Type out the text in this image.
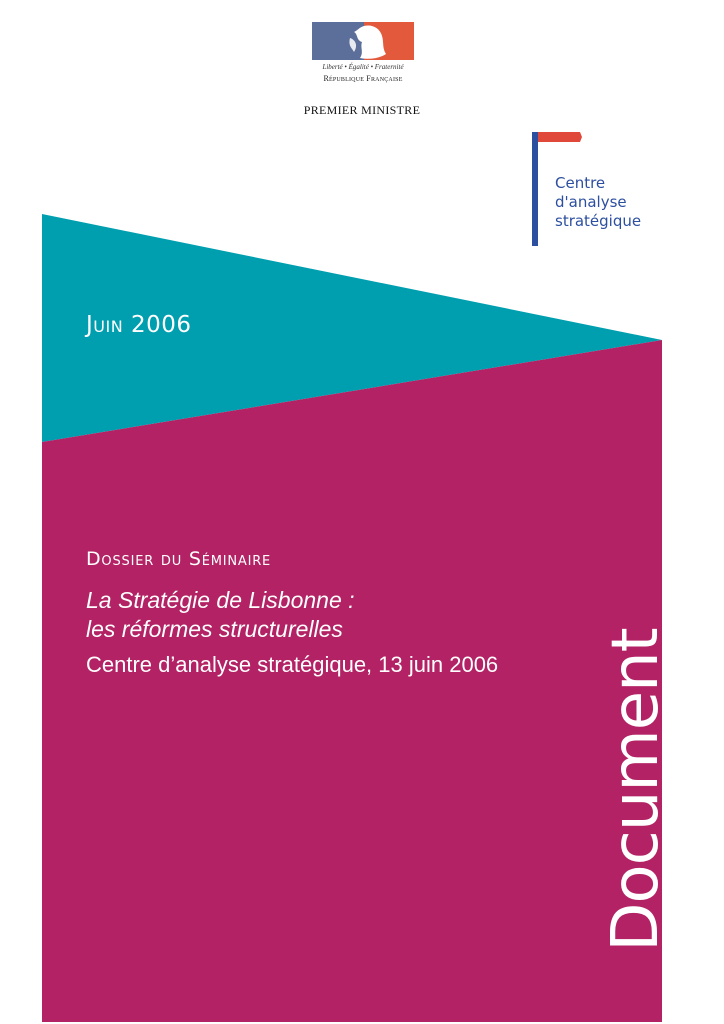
Liberté • Égalité • Fraternité
République Française
PREMIER MINISTRE
Centre
d'analyse
stratégique
Juin 2006
Dossier du Séminaire
La Stratégie de Lisbonne :
les réformes structurelles
Centre d’analyse stratégique, 13 juin 2006 Document
